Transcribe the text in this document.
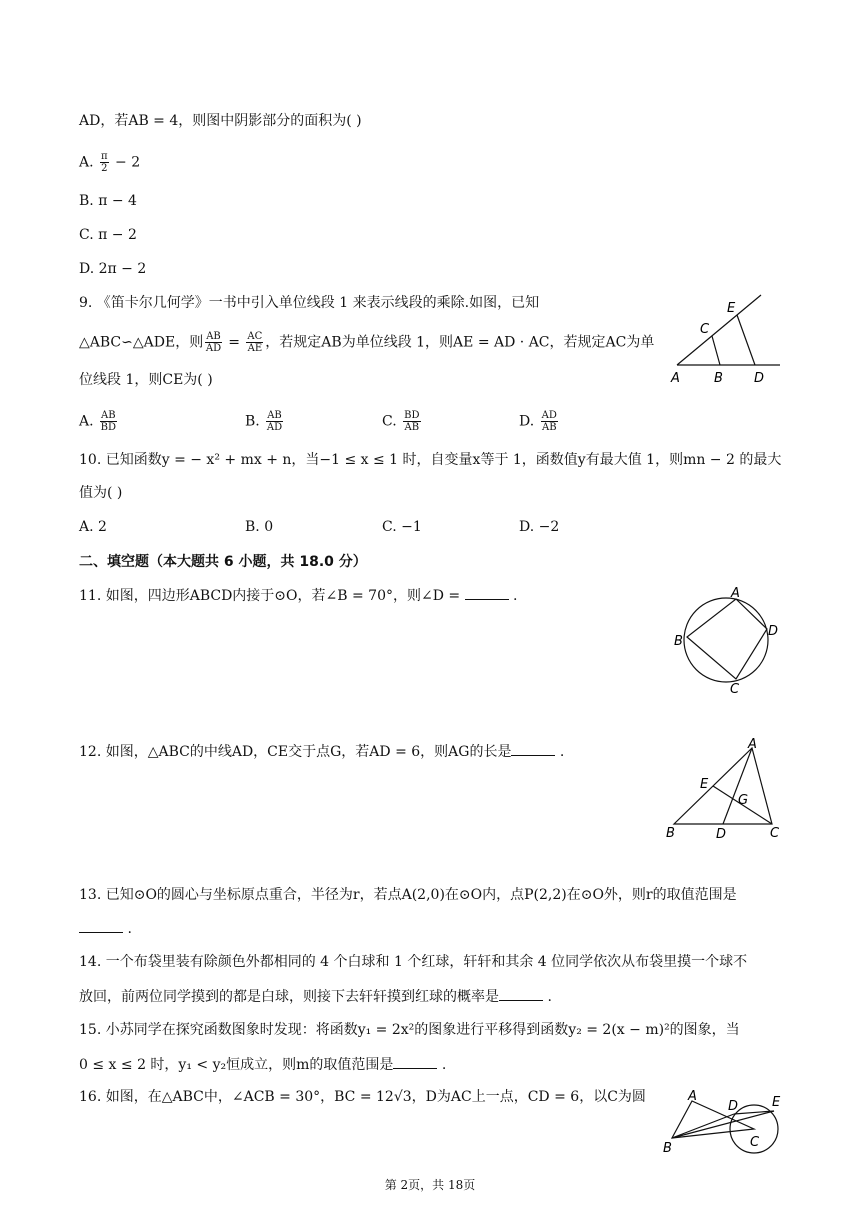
AD，若AB = 4，则图中阴影部分的面积为( )
A. $\frac{\pi}{2} - 2$
B. π − 4
C. π − 2
D. 2π − 2
9. 《笛卡尔几何学》一书中引入单位线段 1 来表示线段的乘除.如图，已知
△ABC∽△ADE，则 $\frac{AB}{AD} = \frac{AC}{AE}$ ，若规定AB为单位线段 1，则AE = AD · AC，若规定AC为单
位线段 1，则CE为( )
A. $\frac{AB}{BD}$	B. $\frac{AB}{AD}$	C. $\frac{BD}{AB}$	D. $\frac{AD}{AB}$
A	B
C
D
E
10. 已知函数y = − x² + mx + n，当−1 ≤ x ≤ 1 时，自变量x等于 1，函数值y有最大值 1，则mn − 2 的最大
值为( )
A. 2	B. 0	C. −1	D. −2
二、填空题（本大题共 6 小题，共 18.0 分）
11. 如图，四边形ABCD内接于⊙O，若∠B = 70°，则∠D =	.	A
B
C
D
12. 如图，△ABC的中线AD，CE交于点G，若AD = 6，则AG的长是	.	A
B	C
D
E
G
13. 已知⊙O的圆心与坐标原点重合，半径为r，若点A(2,0)在⊙O内，点P(2,2)在⊙O外，则r的取值范围是
.
14. 一个布袋里装有除颜色外都相同的 4 个白球和 1 个红球，轩轩和其余 4 位同学依次从布袋里摸一个球不
放回，前两位同学摸到的都是白球，则接下去轩轩摸到红球的概率是	.
15. 小苏同学在探究函数图象时发现：将函数y₁ = 2x²的图象进行平移得到函数y₂ = 2(x − m)²的图象，当
0 ≤ x ≤ 2 时，y₁ < y₂恒成立，则m的取值范围是	.
16. 如图，在△ABC中，∠ACB = 30°，BC = 12√3，D为AC上一点，CD = 6，以C为圆	A
B	C
D	E
第 2页，共 18页
